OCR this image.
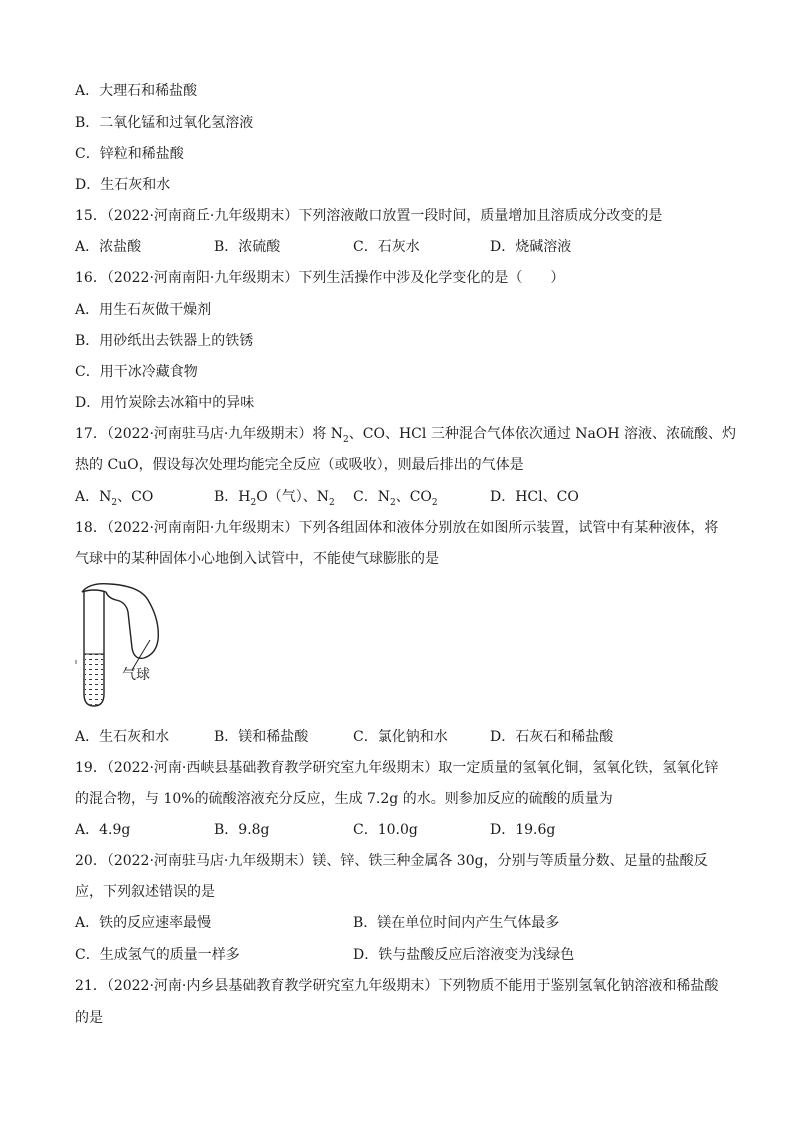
A．大理石和稀盐酸
B．二氧化锰和过氧化氢溶液
C．锌粒和稀盐酸
D．生石灰和水
15．（2022·河南商丘·九年级期末）下列溶液敞口放置一段时间，质量增加且溶质成分改变的是
A．浓盐酸	B．浓硫酸	C．石灰水	D．烧碱溶液
16．（2022·河南南阳·九年级期末）下列生活操作中涉及化学变化的是（　　）
A．用生石灰做干燥剂
B．用砂纸出去铁器上的铁锈
C．用干冰冷藏食物
D．用竹炭除去冰箱中的异味
17．（2022·河南驻马店·九年级期末）将 $N_2$、CO、HCl 三种混合气体依次通过 NaOH 溶液、浓硫酸、灼
热的 CuO，假设每次处理均能完全反应（或吸收），则最后排出的气体是
A．$N_2$、CO	B．$H_2O$（气）、$N_2$ C．$N_2$、$CO_2$	D．HCl、CO
18．（2022·河南南阳·九年级期末）下列各组固体和液体分别放在如图所示装置，试管中有某种液体，将
气球中的某种固体小心地倒入试管中，不能使气球膨胀的是
气球
A．生石灰和水	B．镁和稀盐酸	C．氯化钠和水	D．石灰石和稀盐酸
19．（2022·河南·西峡县基础教育教学研究室九年级期末）取一定质量的氢氧化铜，氢氧化铁，氢氧化锌
的混合物，与 10%的硫酸溶液充分反应，生成 7.2g 的水。则参加反应的硫酸的质量为
A．4.9g	B．9.8g	C．10.0g	D．19.6g
20．（2022·河南驻马店·九年级期末）镁、锌、铁三种金属各 30g，分别与等质量分数、足量的盐酸反
应，下列叙述错误的是
A．铁的反应速率最慢	B．镁在单位时间内产生气体最多
C．生成氢气的质量一样多	D．铁与盐酸反应后溶液变为浅绿色
21．（2022·河南·内乡县基础教育教学研究室九年级期末）下列物质不能用于鉴别氢氧化钠溶液和稀盐酸
的是
